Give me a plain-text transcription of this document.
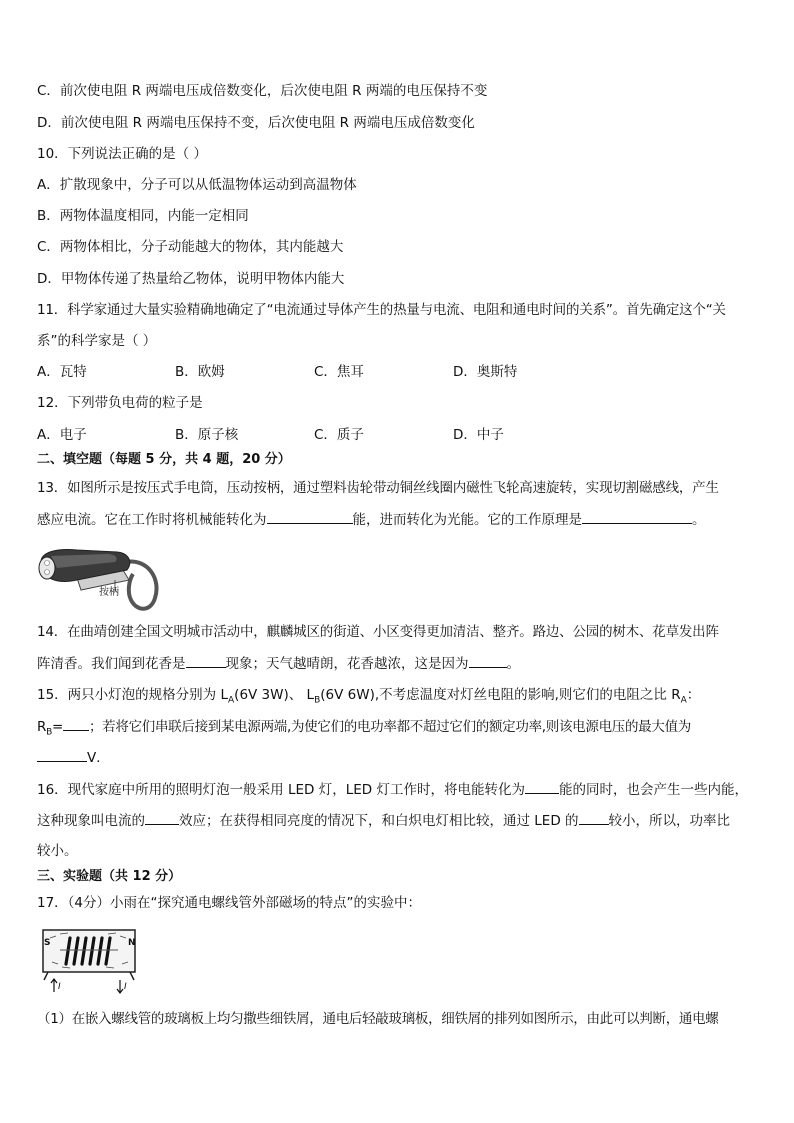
C．前次使电阻 R 两端电压成倍数变化，后次使电阻 R 两端的电压保持不变
D．前次使电阻 R 两端电压保持不变，后次使电阻 R 两端电压成倍数变化
10．下列说法正确的是（ ）
A．扩散现象中，分子可以从低温物体运动到高温物体
B．两物体温度相同，内能一定相同
C．两物体相比，分子动能越大的物体，其内能越大
D．甲物体传递了热量给乙物体，说明甲物体内能大
11．科学家通过大量实验精确地确定了“电流通过导体产生的热量与电流、电阻和通电时间的关系”。首先确定这个“关
系”的科学家是（ ）
A．瓦特	B．欧姆	C．焦耳	D．奥斯特
12．下列带负电荷的粒子是
A．电子	B．原子核	C．质子	D．中子
二、填空题（每题 5 分，共 4 题，20 分）
13．如图所示是按压式手电筒，压动按柄，通过塑料齿轮带动铜丝线圈内磁性飞轮高速旋转，实现切割磁感线，产生
感应电流。它在工作时将机械能转化为	能，进而转化为光能。它的工作原理是	。
按柄
14．在曲靖创建全国文明城市活动中，麒麟城区的街道、小区变得更加清洁、整齐。路边、公园的树木、花草发出阵
阵清香。我们闻到花香是	现象；天气越晴朗，花香越浓，这是因为	。
15．两只小灯泡的规格分别为 $L_A(6V$ 3W)、 $L_B(6V$ 6W),不考虑温度对灯丝电阻的影响,则它们的电阻之比 $R_A$：
$R_B=$ ；若将它们串联后接到某电源两端,为使它们的电功率都不超过它们的额定功率,则该电源电压的最大值为
V．
16．现代家庭中所用的照明灯泡一般采用 LED 灯，LED 灯工作时，将电能转化为	能的同时，也会产生一些内能，
这种现象叫电流的	效应；在获得相同亮度的情况下，和白炽电灯相比较，通过 LED 的 较小，所以，功率比
较小。
三、实验题（共 12 分）
17．（4分）小雨在“探究通电螺线管外部磁场的特点”的实验中：
S	N
I	I
（1）在嵌入螺线管的玻璃板上均匀撒些细铁屑，通电后轻敲玻璃板，细铁屑的排列如图所示，由此可以判断，通电螺
